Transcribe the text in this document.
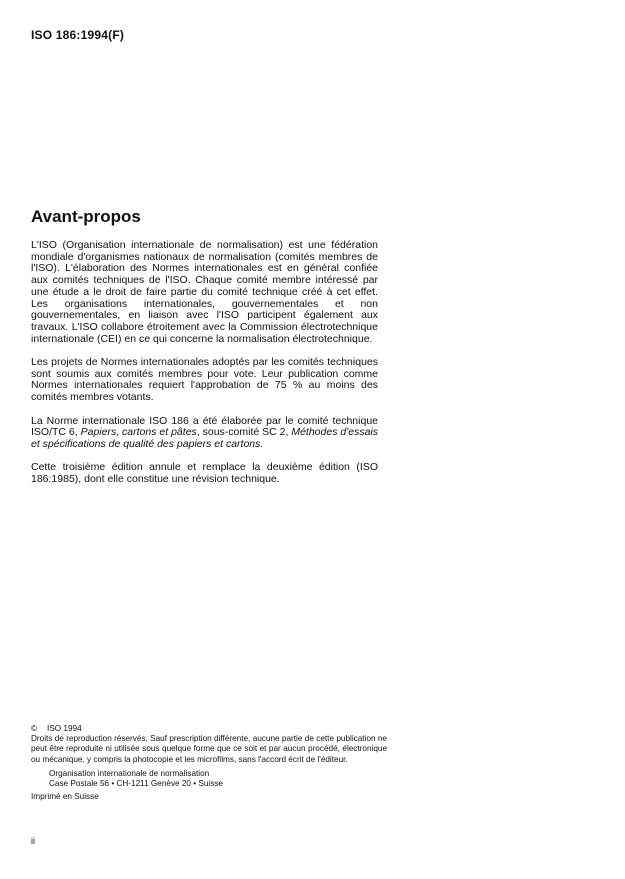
ISO 186:1994(F)
Avant-propos

L'ISO (Organisation internationale de normalisation) est une fédération mondiale d'organismes nationaux de normalisation (comités membres de l'ISO). L'élaboration des Normes internationales est en général confiée aux comités techniques de l'ISO. Chaque comité membre intéressé par une étude a le droit de faire partie du comité technique créé à cet effet. Les organisations internationales, gouvernementales et non gouvernementales, en liaison avec l'ISO participent également aux travaux. L'ISO collabore étroitement avec la Commission électrotechnique internationale (CEI) en ce qui concerne la normalisation électrotechnique.

Les projets de Normes internationales adoptés par les comités techniques sont soumis aux comités membres pour vote. Leur publication comme Normes internationales requiert l'approbation de 75 % au moins des comités membres votants.

La Norme internationale ISO 186 a été élaborée par le comité technique ISO/TC 6, Papiers, cartons et pâtes, sous-comité SC 2, Méthodes d'essais et spécifications de qualité des papiers et cartons.

Cette troisième édition annule et remplace la deuxième édition (ISO 186:1985), dont elle constitue une révision technique.

© ISO 1994

Droits de reproduction réservés. Sauf prescription différente, aucune partie de cette publication ne peut être reproduite ni utilisée sous quelque forme que ce soit et par aucun procédé, électronique ou mécanique, y compris la photocopie et les microfilms, sans l'accord écrit de l'éditeur.

Organisation internationale de normalisation
Case Postale 56 • CH-1211 Genève 20 • Suisse
Imprimé en Suisse
ii
